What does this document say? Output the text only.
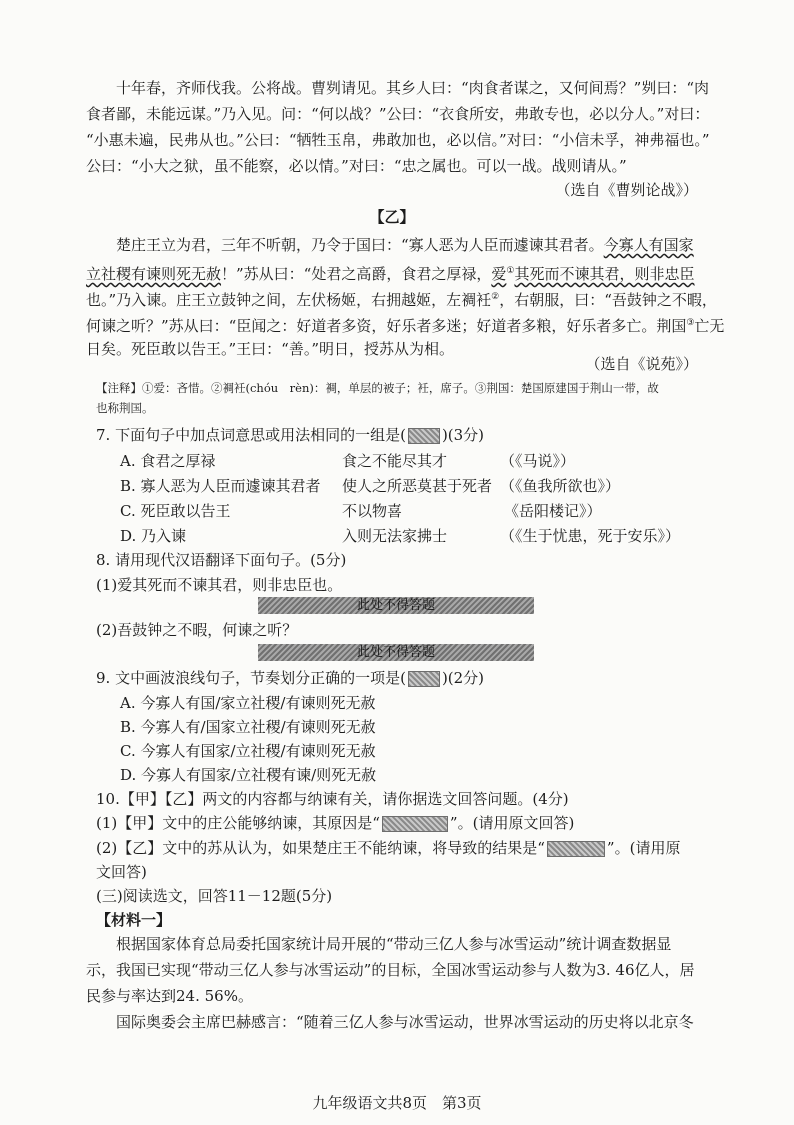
十年春，齐师伐我。公将战。曹刿请见。其乡人曰：“肉食者谋之，又何间焉？”刿曰：“肉
食者鄙，未能远谋。”乃入见。问：“何以战？”公曰：“衣食所安，弗敢专也，必以分人。”对曰：
“小惠未遍，民弗从也。”公曰：“牺牲玉帛，弗敢加也，必以信。”对曰：“小信未孚，神弗福也。”
公曰：“小大之狱，虽不能察，必以情。”对曰：“忠之属也。可以一战。战则请从。”
（选自《曹刿论战》）
【乙】
楚庄王立为君，三年不听朝，乃令于国曰：“寡人恶为人臣而遽谏其君者。今寡人有国家
立社稷有谏则死无赦！”苏从曰：“处君之高爵，食君之厚禄，爱①其死而不谏其君，则非忠臣
也。”乃入谏。庄王立鼓钟之间，左伏杨姬，右拥越姬，左裯衽②，右朝服，曰：“吾鼓钟之不暇，
何谏之听？”苏从曰：“臣闻之：好道者多资，好乐者多迷；好道者多粮，好乐者多亡。荆国③亡无
日矣。死臣敢以告王。”王曰：“善。”明日，授苏从为相。
（选自《说苑》）
【注释】①爱：吝惜。②裯衽(chóu　rèn)：裯，单层的被子；衽，席子。③荆国：楚国原建国于荆山一带，故
也称荆国。
7. 下面句子中加点词意思或用法相同的一组是( )(3分)
A. 食君之厚禄	食之不能尽其才	（《马说》）
B. 寡人恶为人臣而遽谏其君者 使人之所恶莫甚于死者 （《鱼我所欲也》）
C. 死臣敢以告王	不以物喜	《岳阳楼记》）
D. 乃入谏	入则无法家拂士	（《生于忧患，死于安乐》）
8. 请用现代汉语翻译下面句子。(5分)
(1)爱其死而不谏其君，则非忠臣也。
此处不得答题
(2)吾鼓钟之不暇，何谏之听？
此处不得答题
9. 文中画波浪线句子，节奏划分正确的一项是( )(2分)
A. 今寡人有国/家立社稷/有谏则死无赦
B. 今寡人有/国家立社稷/有谏则死无赦
C. 今寡人有国家/立社稷/有谏则死无赦
D. 今寡人有国家/立社稷有谏/则死无赦
10.【甲】【乙】两文的内容都与纳谏有关，请你据选文回答问题。(4分)
(1)【甲】文中的庄公能够纳谏，其原因是“	”。(请用原文回答)
(2)【乙】文中的苏从认为，如果楚庄王不能纳谏，将导致的结果是“	”。(请用原
文回答)
(三)阅读选文，回答11－12题(5分)
【材料一】
根据国家体育总局委托国家统计局开展的“带动三亿人参与冰雪运动”统计调查数据显
示，我国已实现“带动三亿人参与冰雪运动”的目标，全国冰雪运动参与人数为3. 46亿人，居
民参与率达到24. 56%。
国际奥委会主席巴赫感言：“随着三亿人参与冰雪运动，世界冰雪运动的历史将以北京冬
九年级语文共8页　第3页
